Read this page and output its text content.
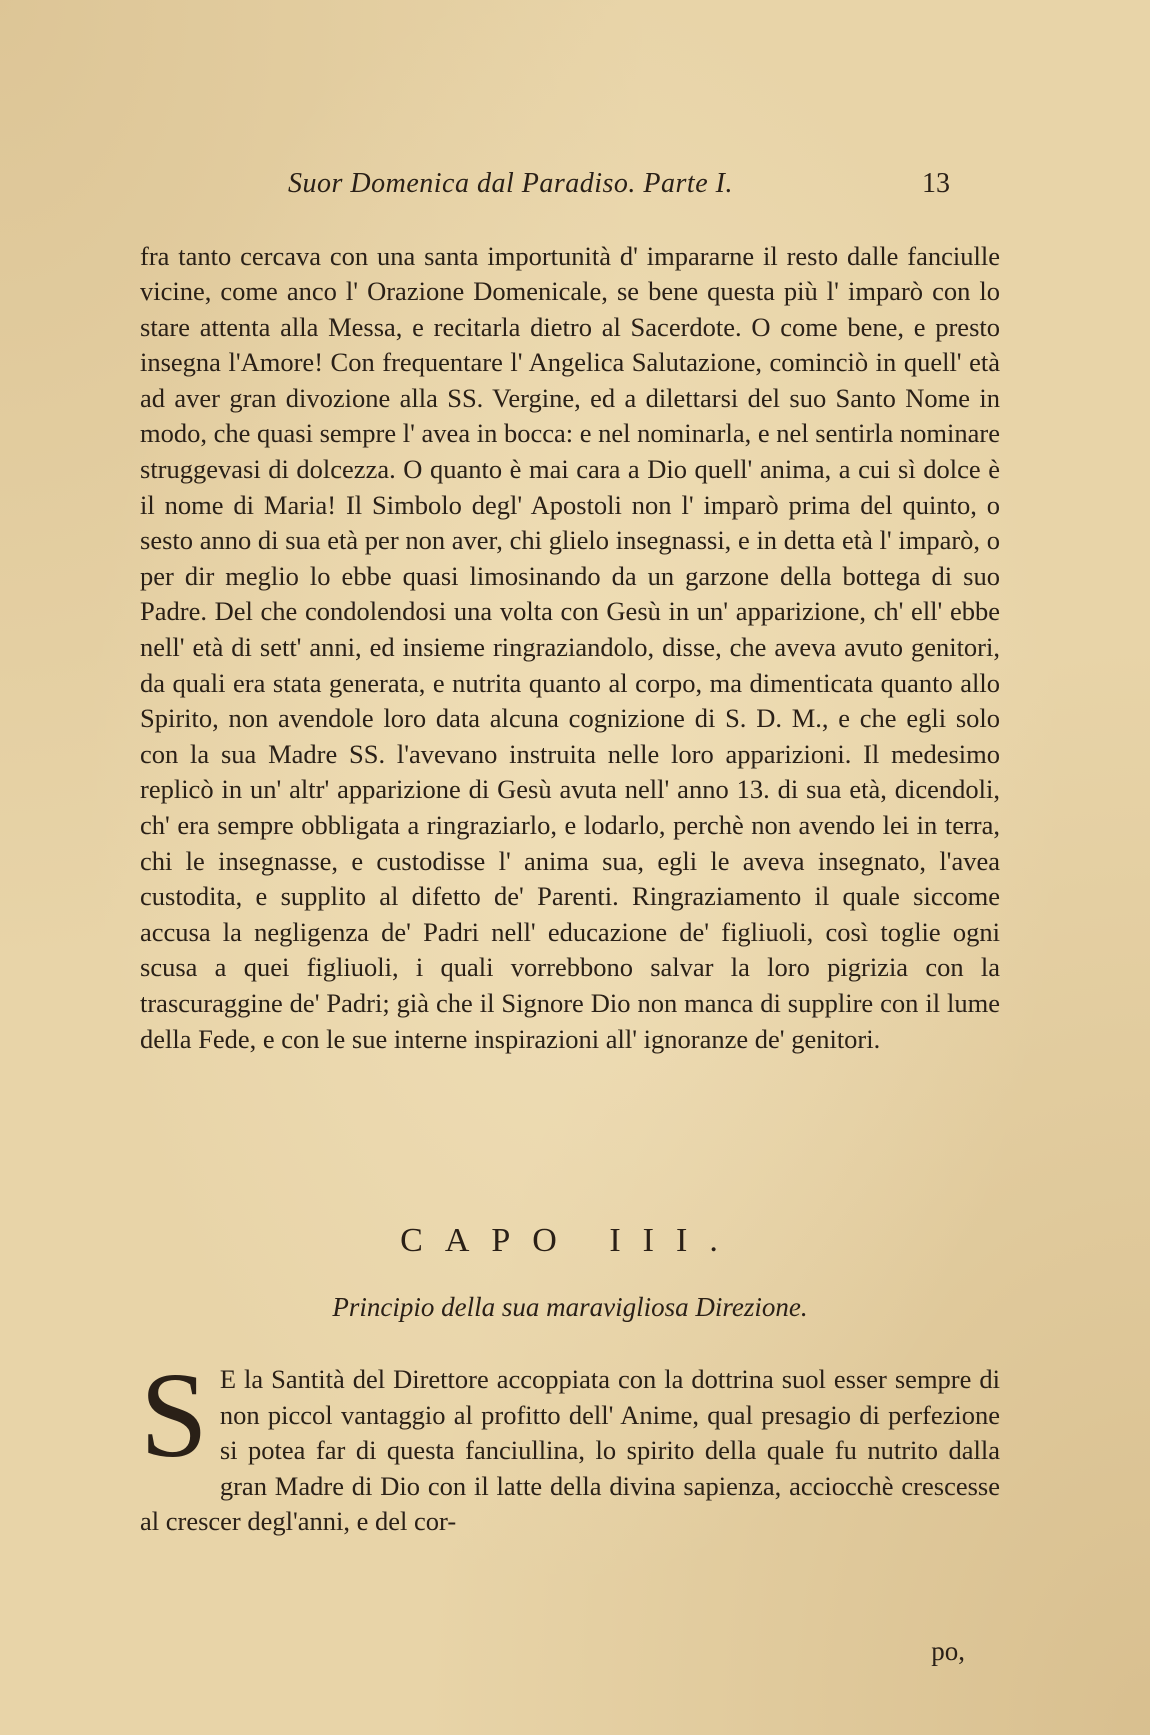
Suor Domenica dal Paradiso. Parte I.	13

fra tanto cercava con una santa importunità d' impararne il resto dalle fanciulle vicine, come anco l' Orazione Domenicale, se bene questa più l' imparò con lo stare attenta alla Messa, e recitarla dietro al Sacerdote. O come bene, e presto insegna l'Amore! Con frequentare l' Angelica Salutazione, cominciò in quell' età ad aver gran divozione alla SS. Vergine, ed a dilettarsi del suo Santo Nome in modo, che quasi sempre l' avea in bocca: e nel nominarla, e nel sentirla nominare struggevasi di dolcezza. O quanto è mai cara a Dio quell' anima, a cui sì dolce è il nome di Maria! Il Simbolo degl' Apostoli non l' imparò prima del quinto, o sesto anno di sua età per non aver, chi glielo insegnassi, e in detta età l' imparò, o per dir meglio lo ebbe quasi limosinando da un garzone della bottega di suo Padre. Del che condolendosi una volta con Gesù in un' apparizione, ch' ell' ebbe nell' età di sett' anni, ed insieme ringraziandolo, disse, che aveva avuto genitori, da quali era stata generata, e nutrita quanto al corpo, ma dimenticata quanto allo Spirito, non avendole loro data alcuna cognizione di S. D. M., e che egli solo con la sua Madre SS. l'avevano instruita nelle loro apparizioni. Il medesimo replicò in un' altr' apparizione di Gesù avuta nell' anno 13. di sua età, dicendoli, ch' era sempre obbligata a ringraziarlo, e lodarlo, perchè non avendo lei in terra, chi le insegnasse, e custodisse l' anima sua, egli le aveva insegnato, l'avea custodita, e supplito al difetto de' Parenti. Ringraziamento il quale siccome accusa la negligenza de' Padri nell' educazione de' figliuoli, così toglie ogni scusa a quei figliuoli, i quali vorrebbono salvar la loro pigrizia con la trascuraggine de' Padri; già che il Signore Dio non manca di supplire con il lume della Fede, e con le sue interne inspirazioni all' ignoranze de' genitori.

CAPO III.
Principio della sua maravigliosa Direzione.
S E la Santità del Direttore accoppiata con la dottrina suol esser sempre di non piccol vantaggio al profitto dell' Anime, qual presagio di perfezione si potea far di questa fanciullina, lo spirito della quale fu nutrito dalla gran Madre di Dio con il latte della divina sapienza, acciocchè crescesse al crescer degl'anni, e del cor-
po,
